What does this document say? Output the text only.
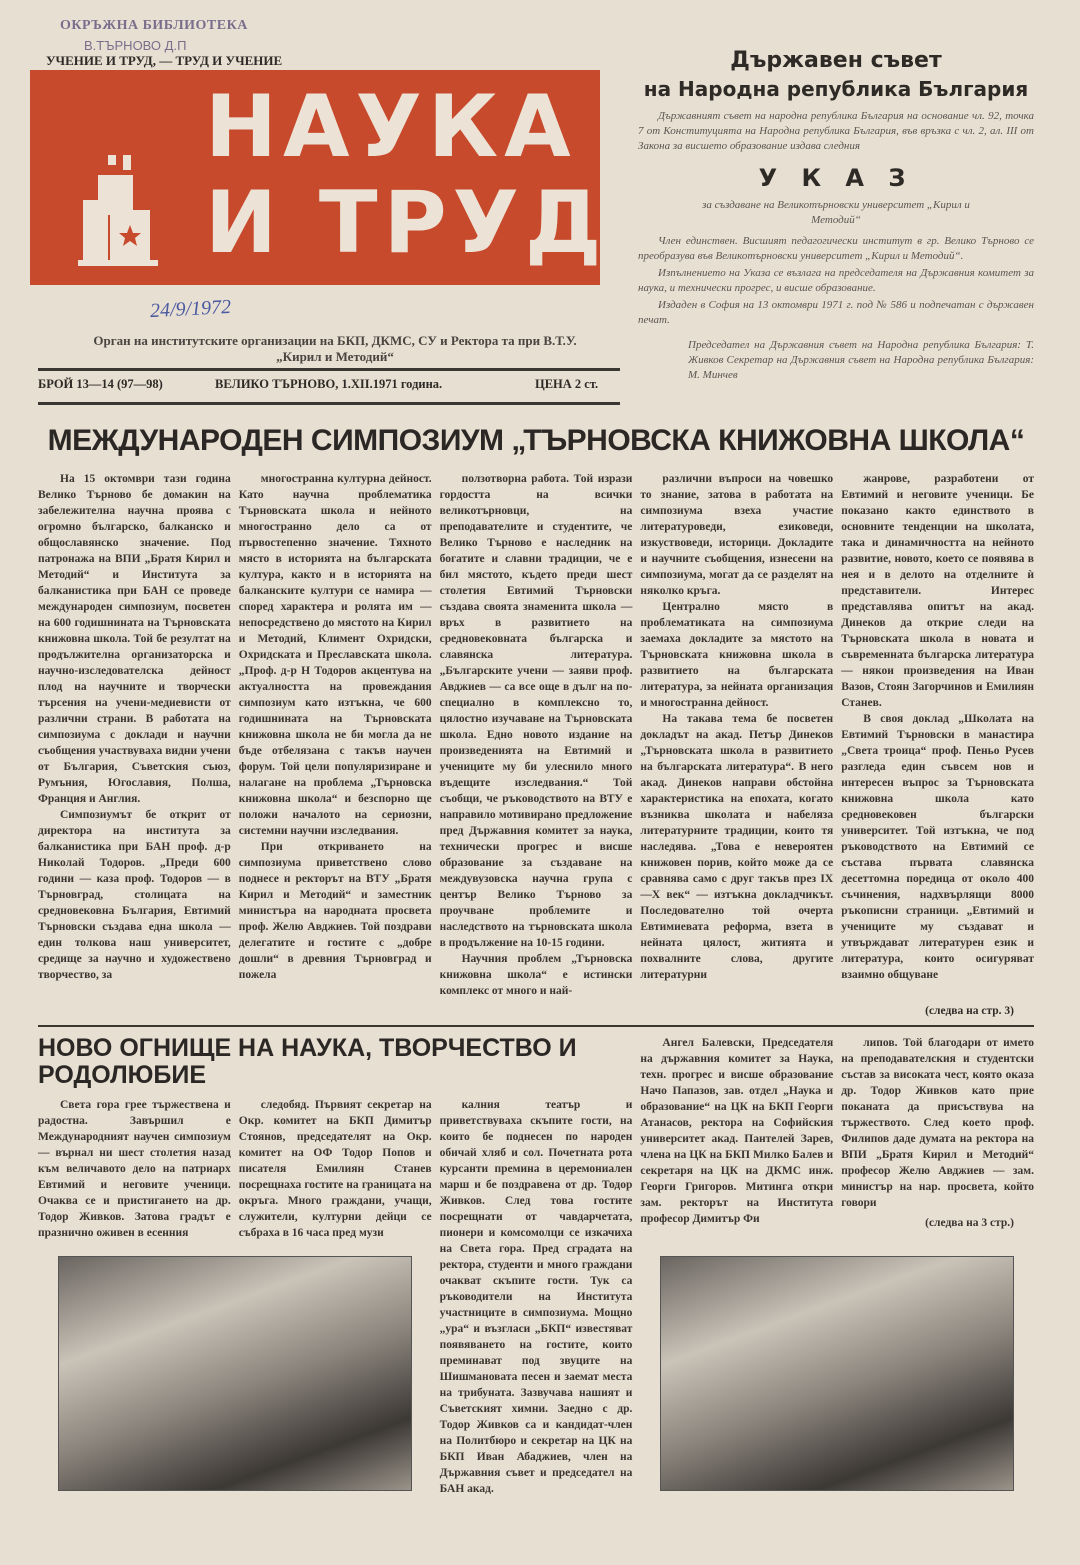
ОКРЪЖНА БИБЛИОТЕКА
В.ТЪРНОВО Д.П
УЧЕНИЕ И ТРУД, — ТРУД И УЧЕНИЕ
НАУКА
И ТРУД
24/9/1972
Орган на институтските организации на БКП, ДКМС, СУ и Ректора та при В.Т.У. „Кирил и Методий“
БРОЙ 13—14 (97—98)	ВЕЛИКО ТЪРНОВО, 1.XII.1971 година.	ЦЕНА 2 ст.
Държавен съвет
на Народна република България
Държавният съвет на народна република България на основание чл. 92, точка 7 от Конституцията на Народна република България, във връзка с чл. 2, ал. III от Закона за висшето образование издава следния
У К А З
за създаване на Великотърновски университет „Кирил и Методий“
Член единствен. Висшият педагогически институт в гр. Велико Търново се преобразува във Великотърновски университет „Кирил и Методий“.
Изпълнението на Указа се възлага на председателя на Държавния комитет за наука, и технически прогрес, и висше образование.
Издаден в София на 13 октомври 1971 г. под № 586 и подпечатан с държавен печат.
Председател на Държавния съвет на Народна република България: Т. Живков Секретар на Държавния съвет на Народна република България: М. Минчев
МЕЖДУНАРОДЕН СИМПОЗИУМ „ТЪРНОВСКА КНИЖОВНА ШКОЛА“

На 15 октомври тази година Велико Търново бе домакин на забележителна научна проява с огромно българско, балканско и общославянско значение. Под патронажа на ВПИ „Братя Кирил и Методий“ и Института за балканистика при БАН се проведе международен симпозиум, посветен на 600 годишнината на Търновската книжовна школа. Той бе резултат на продължителна организаторска и научно-изследователска дейност плод на научните и творчески търсения на учени-медиевисти от различни страни. В работата на симпозиума с доклади и научни съобщения участвуваха видни учени от България, Съветския съюз, Румъния, Югославия, Полша, Франция и Англия.

Симпозиумът бе открит от директора на института за балканистика при БАН проф. д-р Николай Тодоров. „Преди 600 години — каза проф. Тодоров — в Търновград, столицата на средновековна България, Евтимий Търновски създава една школа — един толкова наш университет, средище за научно и художествено творчество, за

многостранна културна дейност. Като научна проблематика Търновската школа и нейното многостранно дело са от първостепенно значение. Тяхното място в историята на българската култура, както и в историята на балканските култури се намира — според характера и ролята им — непосредствено до мястото на Кирил и Методий, Климент Охридски, Охридската и Преславската школа. „Проф. д-р Н Тодоров акцентува на актуалността на провеждания симпозиум като изтъкна, че 600 годишнината на Търновската книжовна школа не би могла да не бъде отбелязана с такъв научен форум. Той цели популяризиране и налагане на проблема „Търновска книжовна школа“ и безспорно ще положи началото на сериозни, системни научни изследвания.

При откриването на симпозиума приветствено слово поднесе и ректорът на ВТУ „Братя Кирил и Методий“ и заместник министъра на народната просвета проф. Желю Авджиев. Той поздрави делегатите и гостите с „добре дошли“ в древния Търновград и пожела

ползотворна работа. Той изрази гордостта на всички великотърновци, на преподавателите и студентите, че Велико Търново е наследник на богатите и славни традиции, че е бил мястото, където преди шест столетия Евтимий Търновски създава своята знаменита школа — връх в развитието на средновековната българска и славянска литература. „Българските учени — заяви проф. Авджиев — са все още в дълг на по-специално в комплексно то, цялостно изучаване на Търновската школа. Едно новото издание на произведенията на Евтимий и учениците му би улеснило много въдещите изследвания.“ Той съобщи, че ръководството на ВТУ е направило мотивирано предложение пред Държавния комитет за наука, технически прогрес и висше образование за създаване на междувузовска научна група с център Велико Търново за проучване проблемите и наследството на търновската школа в продължение на 10-15 години.

Научния проблем „Търновска книжовна школа“ е истински комплекс от много и най-

различни въпроси на човешко то знание, затова в работата на симпозиума взеха участие литературоведи, езиковеди, изкуствоведи, историци. Докладите и научните съобщения, изнесени на симпозиума, могат да се разделят на няколко кръга.

Централно място в проблематиката на симпозиума заемаха докладите за мястото на Търновската книжовна школа в развитието на българската литература, за нейната организация и многостранна дейност.

На такава тема бе посветен докладът на акад. Петър Динеков „Търновската школа в развитието на българската литература“. В него акад. Динеков направи обстойна характеристика на епохата, когато възниква школата и набеляза литературните традиции, които тя наследява. „Това е невероятен книжовен порив, който може да се сравнява само с друг такъв през IX—X век“ — изтъкна докладчикът. Последователно той очерта Евтимиевата реформа, взета в нейната цялост, житията и похвалните слова, другите литературни

жанрове, разработени от Евтимий и неговите ученици. Бе показано както единството в основните тенденции на школата, така и динамичността на нейното развитие, новото, което се появява в нея и в делото на отделните ѝ представители. Интерес представлява опитът на акад. Динеков да открие следи на Търновската школа в новата и съвременната българска литература — някои произведения на Иван Вазов, Стоян Загорчинов и Емилиян Станев.

В своя доклад „Школата на Евтимий Търновски в манастира „Света троица“ проф. Пеньо Русев разгледа един съвсем нов и интересен въпрос за Търновската книжовна школа като средновековен български университет. Той изтъкна, че под ръководството на Евтимий се състава първата славянска десеттомна поредица от около 400 съчинения, надхвърлящи 8000 ръкописни страници. „Евтимий и учениците му създават и утвърждават литературен език и литература, които осигуряват взаимно общуване

(следва на стр. 3)
НОВО ОГНИЩЕ НА НАУКА, ТВОРЧЕСТВО И РОДОЛЮБИЕ

Света гора грее тържествена и радостна. Завършил е Международният научен симпозиум — върнал ни шест столетия назад към величавото дело на патриарх Евтимий и неговите ученици. Очаква се и пристигането на др. Тодор Живков. Затова градът е празнично оживен в есенния

следобяд. Първият секретар на Окр. комитет на БКП Димитър Стоянов, председателят на Окр. комитет на ОФ Тодор Попов и писателя Емилиян Станев посрещнаха гостите на границата на окръга. Много граждани, учащи, служители, културни дейци се събраха в 16 часа пред музи

калния театър и приветствуваха скъпите гости, на които бе поднесен по народен обичай хляб и сол. Почетната рота курсанти премина в церемониален марш и бе поздравена от др. Тодор Живков. След това гостите посрещнати от чавдарчетата, пионери и комсомолци се изкачиха на Света гора. Пред сградата на ректора, студенти и много граждани очакват скъпите гости. Тук са ръководители на Института участниците в симпозиума. Мощно „ура“ и възгласи „БКП“ известяват появяването на гостите, които преминават под звуците на Шишмановата песен и заемат места на трибуната. Зазвучава нашият и Съветският химни. Заедно с др. Тодор Живков са и кандидат-член на Политбюро и секретар на ЦК на БКП Иван Абаджиев, член на Държавния съвет и председател на БАН акад.

Ангел Балевски, Председателя на държавния комитет за Наука, техн. прогрес и висше образование Начо Папазов, зав. отдел „Наука и образование“ на ЦК на БКП Георги Атанасов, ректора на Софийския университет акад. Пантелей Зарев, члена на ЦК на БКП Милко Балев и секретаря на ЦК на ДКМС инж. Георги Григоров. Митинга откри зам. ректорът на Института професор Димитър Фи

липов. Той благодари от името на преподавателския и студентски състав за високата чест, която оказа др. Тодор Живков като прие поканата да присъствува на тържеството. След което проф. Филипов даде думата на ректора на ВПИ „Братя Кирил и Методий“ професор Желю Авджиев — зам. министър на нар. просвета, който говори

(следва на 3 стр.)
